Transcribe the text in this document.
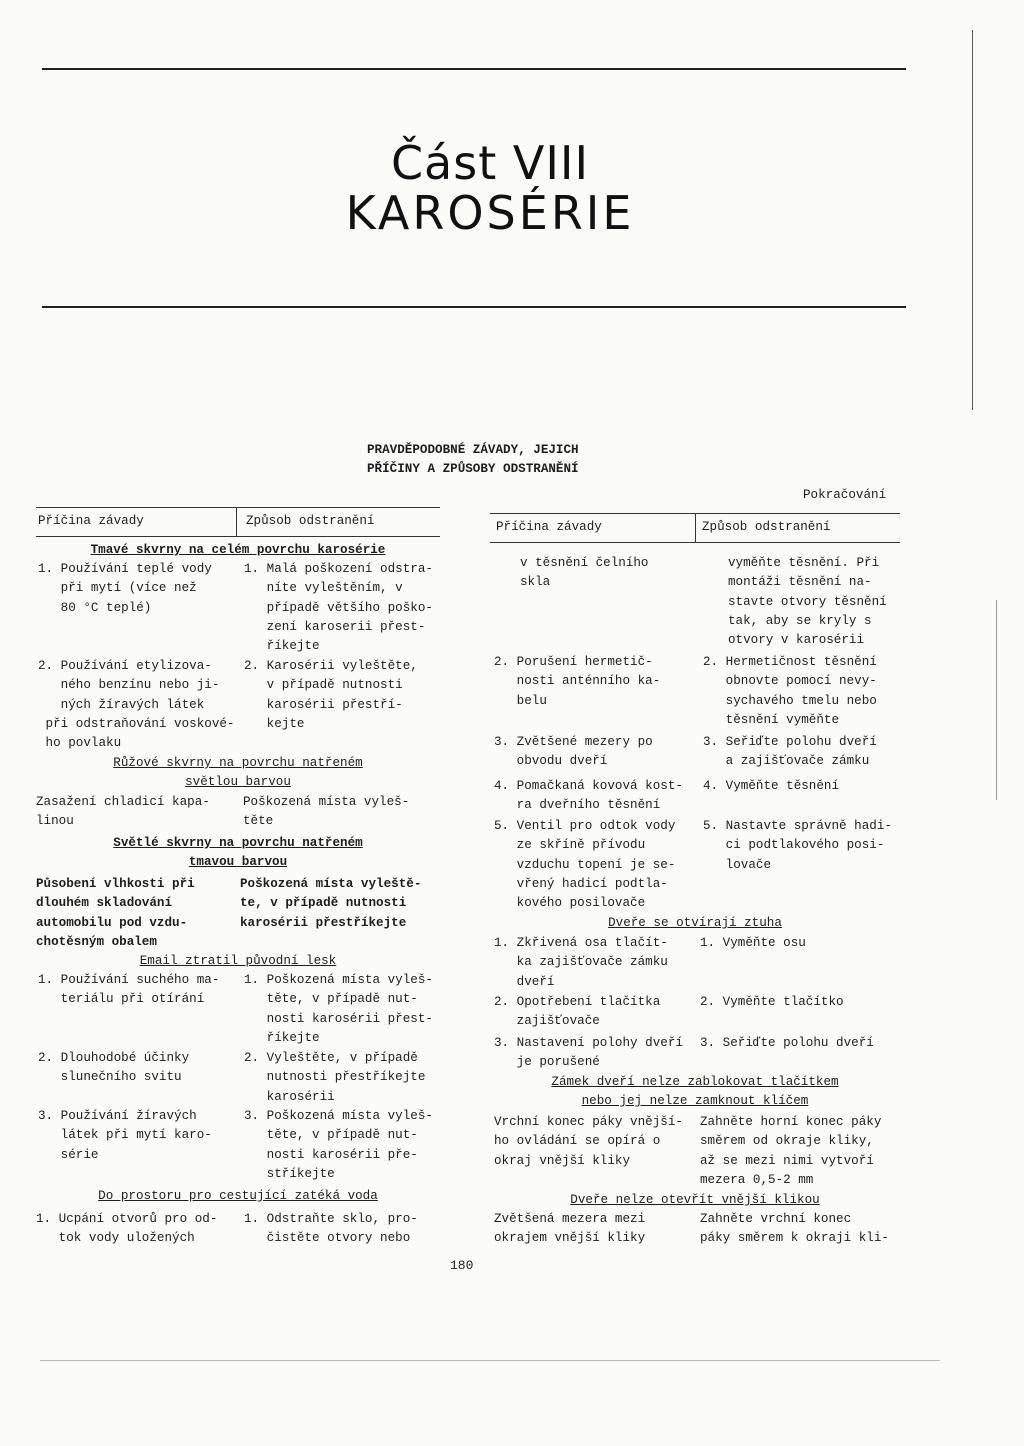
Část VIII
KAROSÉRIE
PRAVDĚPODOBNÉ ZÁVADY, JEJICH
PŘÍČINY A ZPŮSOBY ODSTRANĚNÍ
Pokračování
Příčina závady	Způsob odstranění
Tmavé skvrny na celém povrchu karosérie
1. Používání teplé vody
při mytí (více než
80 °C teplé)
1. Malá poškození odstra-
níte vyleštěním, v
případě většího poško-
zení karoserii přest-
říkejte
2. Používání etylizova-
ného benzínu nebo ji-
ných žíravých látek
při odstraňování voskové-
ho povlaku
2. Karosérii vyleštěte,
v případě nutnosti
karosérii přestří-
kejte
Růžové skvrny na povrchu natřeném
světlou barvou
Zasažení chladicí kapa-
linou
Poškozená místa vyleš-
těte
Světlé skvrny na povrchu natřeném
tmavou barvou
Působení vlhkosti při
dlouhém skladování
automobilu pod vzdu-
chotěsným obalem
Poškozená místa vyleště-
te, v případě nutnosti
karosérii přestříkejte
Email ztratil původní lesk
1. Používání suchého ma-
teriálu při otírání
1. Poškozená místa vyleš-
těte, v případě nut-
nosti karosérii přest-
říkejte
2. Dlouhodobé účinky
slunečního svitu
2. Vyleštěte, v případě
nutnosti přestříkejte
karosérii
3. Používání žíravých
látek při mytí karo-
série
3. Poškozená místa vyleš-
těte, v případě nut-
nosti karosérii pře-
stříkejte
Do prostoru pro cestující zatéká voda
1. Ucpání otvorů pro od-
tok vody uložených
1. Odstraňte sklo, pro-
čistěte otvory nebo
Příčina závady	Způsob odstranění
v těsnění čelního
skla
vyměňte těsnění. Při
montáži těsnění na-
stavte otvory těsnění
tak, aby se kryly s
otvory v karosérii
2. Porušení hermetič-
nosti anténního ka-
belu
2. Hermetičnost těsnění
obnovte pomocí nevy-
sychavého tmelu nebo
těsnění vyměňte
3. Zvětšené mezery po
obvodu dveří
3. Seřiďte polohu dveří
a zajišťovače zámku
4. Pomačkaná kovová kost-
ra dveřního těsnění
4. Vyměňte těsnění
5. Ventil pro odtok vody
ze skříně přívodu
vzduchu topení je se-
vřený hadicí podtla-
kového posilovače
5. Nastavte správně hadi-
ci podtlakového posi-
lovače
Dveře se otvírají ztuha
1. Zkřivená osa tlačít-
ka zajišťovače zámku
dveří
1. Vyměňte osu
2. Opotřebení tlačítka
zajišťovače
2. Vyměňte tlačítko
3. Nastavení polohy dveří
je porušené
3. Seřiďte polohu dveří
Zámek dveří nelze zablokovat tlačítkem
nebo jej nelze zamknout klíčem
Vrchní konec páky vnější-
ho ovládání se opírá o
okraj vnější kliky
Zahněte horní konec páky
směrem od okraje kliky,
až se mezi nimi vytvoří
mezera 0,5-2 mm
Dveře nelze otevřít vnější klikou
Zvětšená mezera mezi
okrajem vnější kliky
Zahněte vrchní konec
páky směrem k okraji kli-
180
